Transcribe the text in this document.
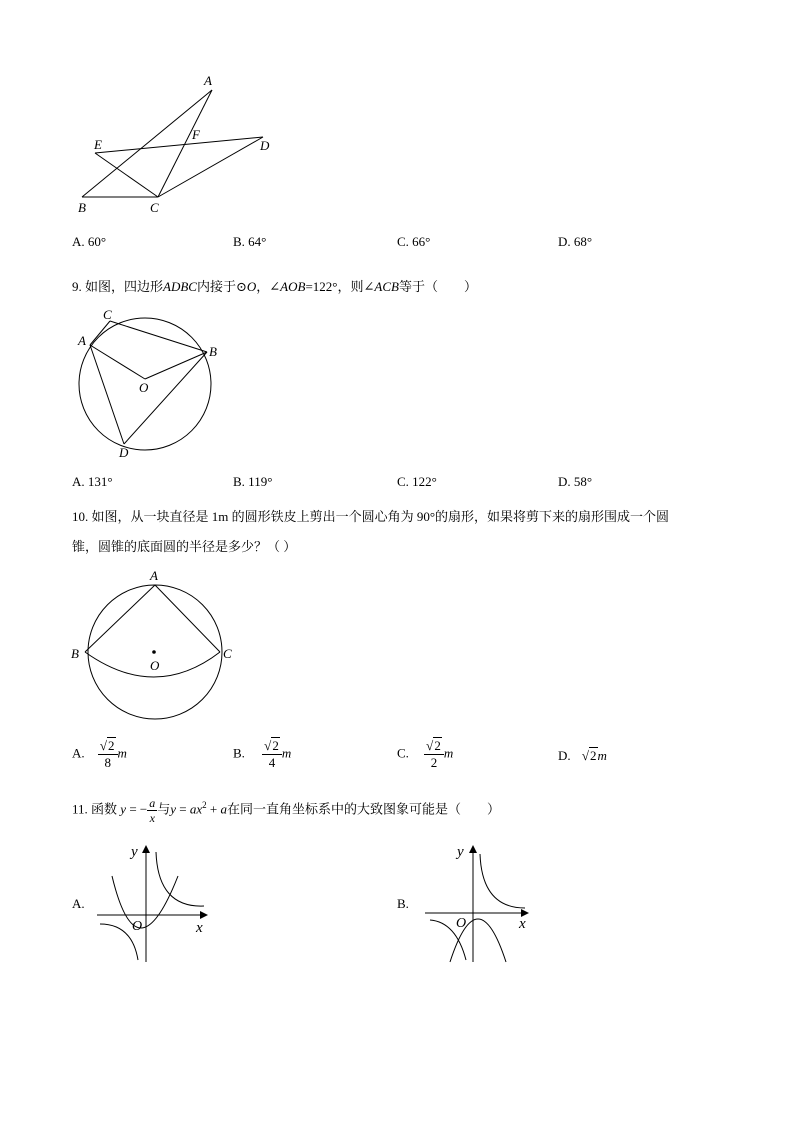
A
B	C
D
E
F
A. 60°	B. 64°	C. 66°	D. 68°
9. 如图，四边形ADBC内接于⊙O，∠AOB=122°，则∠ACB等于（　　）
C
A
B
O
D
A. 131°	B. 119°	C. 122°	D. 58°
10. 如图，从一块直径是 1m 的圆形铁皮上剪出一个圆心角为 90°的扇形，如果将剪下来的扇形围成一个圆
锥，圆锥的底面圆的半径是多少？（ ）
A
B	C
O
A. $\frac{√2}{8}$ m	B. $\frac{√2}{4}$ m	C. $\frac{√2}{2}$ m	D. √2m
11. 函数 y = − $\frac{a}{x}$ 与$y = ax^2 + a$在同一直角坐标系中的大致图象可能是（　　）
A.
y
x
O
B.
y
x
O
